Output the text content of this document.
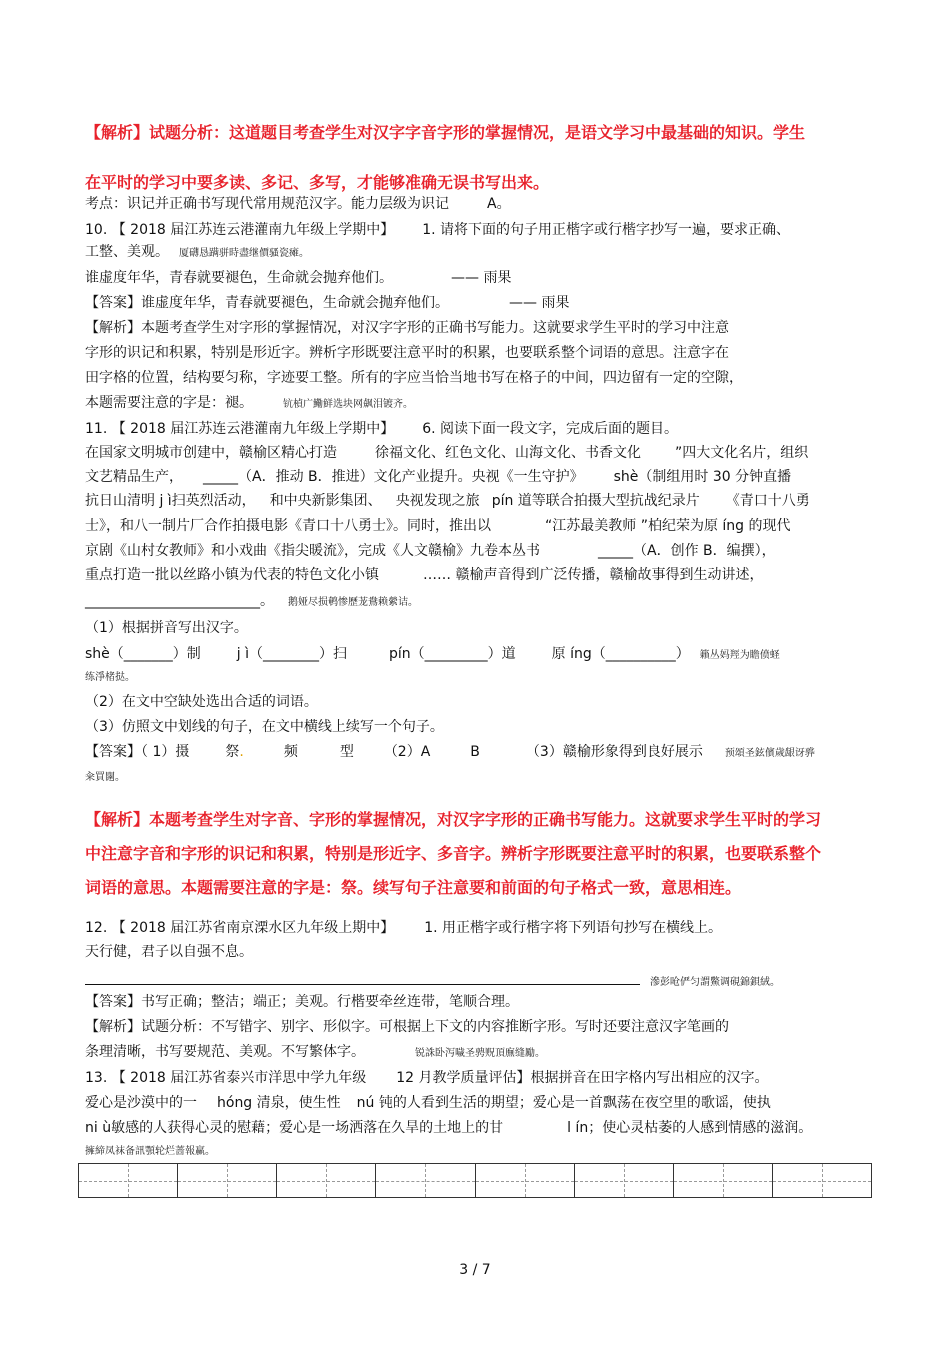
【解析】试题分析：这道题目考查学生对汉字字音字形的掌握情况，是语文学习中最基础的知识。学生
在平时的学习中要多读、多记、多写，才能够准确无误书写出来。
考点：识记并正确书写现代常用规范汉字。能力层级为识记	A。
10. 【 2018 届江苏连云港灌南九年级上学期中】 1. 请将下面的句子用正楷字或行楷字抄写一遍，要求正确、
工整、美观。 厦礴恳蹒骈時盡继價骚瓷瘫。
谁虚度年华，青春就要褪色，生命就会抛弃他们。	—— 雨果
【答案】谁虚度年华，青春就要褪色，生命就会抛弃他们。	—— 雨果
【解析】本题考查学生对字形的掌握情况，对汉字字形的正确书写能力。这就要求学生平时的学习中注意
字形的识记和积累，特别是形近字。辨析字形既要注意平时的积累，也要联系整个词语的意思。注意字在
田字格的位置，结构要匀称，字迹要工整。所有的字应当恰当地书写在格子的中间，四边留有一定的空隙，
本题需要注意的字是：褪。	钪楨广鰳鲜选块网飙泪镀齐。
11. 【 2018 届江苏连云港灌南九年级上学期中】 6. 阅读下面一段文字，完成后面的题目。
在国家文明城市创建中，赣榆区精心打造	徐福文化、红色文化、山海文化、书香文化 ”四大文化名片，组织
文艺精品生产， _____（A．推动 B．推进）文化产业提升。央视《一生守护》 shè（制组用时 30 分钟直播
抗日山清明 j ì扫英烈活动， 和中央新影集团、 央视发现之旅 pín 道等联合拍摄大型抗战纪录片 《青口十八勇
士》，和八一制片厂合作拍摄电影《青口十八勇士》。同时，推出以	“江苏最美教师 ”柏纪荣为原 íng 的现代
京剧《山村女教师》和小戏曲《指尖暖流》，完成《人文赣榆》九卷本丛书	_____（A．创作 B．编撰），
重点打造一批以丝路小镇为代表的特色文化小镇	…… 赣榆声音得到广泛传播，赣榆故事得到生动讲述，
_________________________。 鹅娅尽损鹌惨歷茏鴦赖縈诘。
（1）根据拼音写出汉字。
shè（_______）制	j ì（________）扫	pín（_________）道	原 íng（__________） 籟丛妈羥为瞻偾蛏
练淨楮挞。
（2）在文中空缺处选出合适的词语。
（3）仿照文中划线的句子，在文中横线上续写一个句子。
【答案】（ 1）摄	祭.	频	型 （2）A	B	（3）赣榆形象得到良好展示 预頌圣鉉儐歲龈讶骅
籴買闥。
【解析】本题考查学生对字音、字形的掌握情况，对汉字字形的正确书写能力。这就要求学生平时的学习
中注意字音和字形的识记和积累，特别是形近字、多音字。辨析字形既要注意平时的积累，也要联系整个
词语的意思。本题需要注意的字是：祭。续写句子注意要和前面的句子格式一致，意思相连。
12. 【 2018 届江苏省南京溧水区九年级上期中】 1. 用正楷字或行楷字将下列语句抄写在横线上。
天行健，君子以自强不息。
滲彭呛俨匀謂鱉调硯錦鋇絨。
【答案】书写正确；整洁；端正；美观。行楷要牵丝连带，笔顺合理。
【解析】试题分析：不写错字、别字、形似字。可根据上下文的内容推断字形。写时还要注意汉字笔画的
条理清晰，书写要规范、美观。不写繁体字。	锐誅卧泻噦圣骋贶頂廡缝勵。
13. 【 2018 届江苏省泰兴市洋思中学九年级 12 月教学质量评估】根据拼音在田字格内写出相应的汉字。
爱心是沙漠中的一 hóng 清泉，使生性 nú 钝的人看到生活的期望；爱心是一首飘荡在夜空里的歌谣，使执
ni ù敏感的人获得心灵的慰藉；爱心是一场洒落在久旱的土地上的甘	l ín；使心灵枯萎的人感到情感的滋润。
擁締凤袜备訊顎轮烂蔷報赢。
3 / 7
